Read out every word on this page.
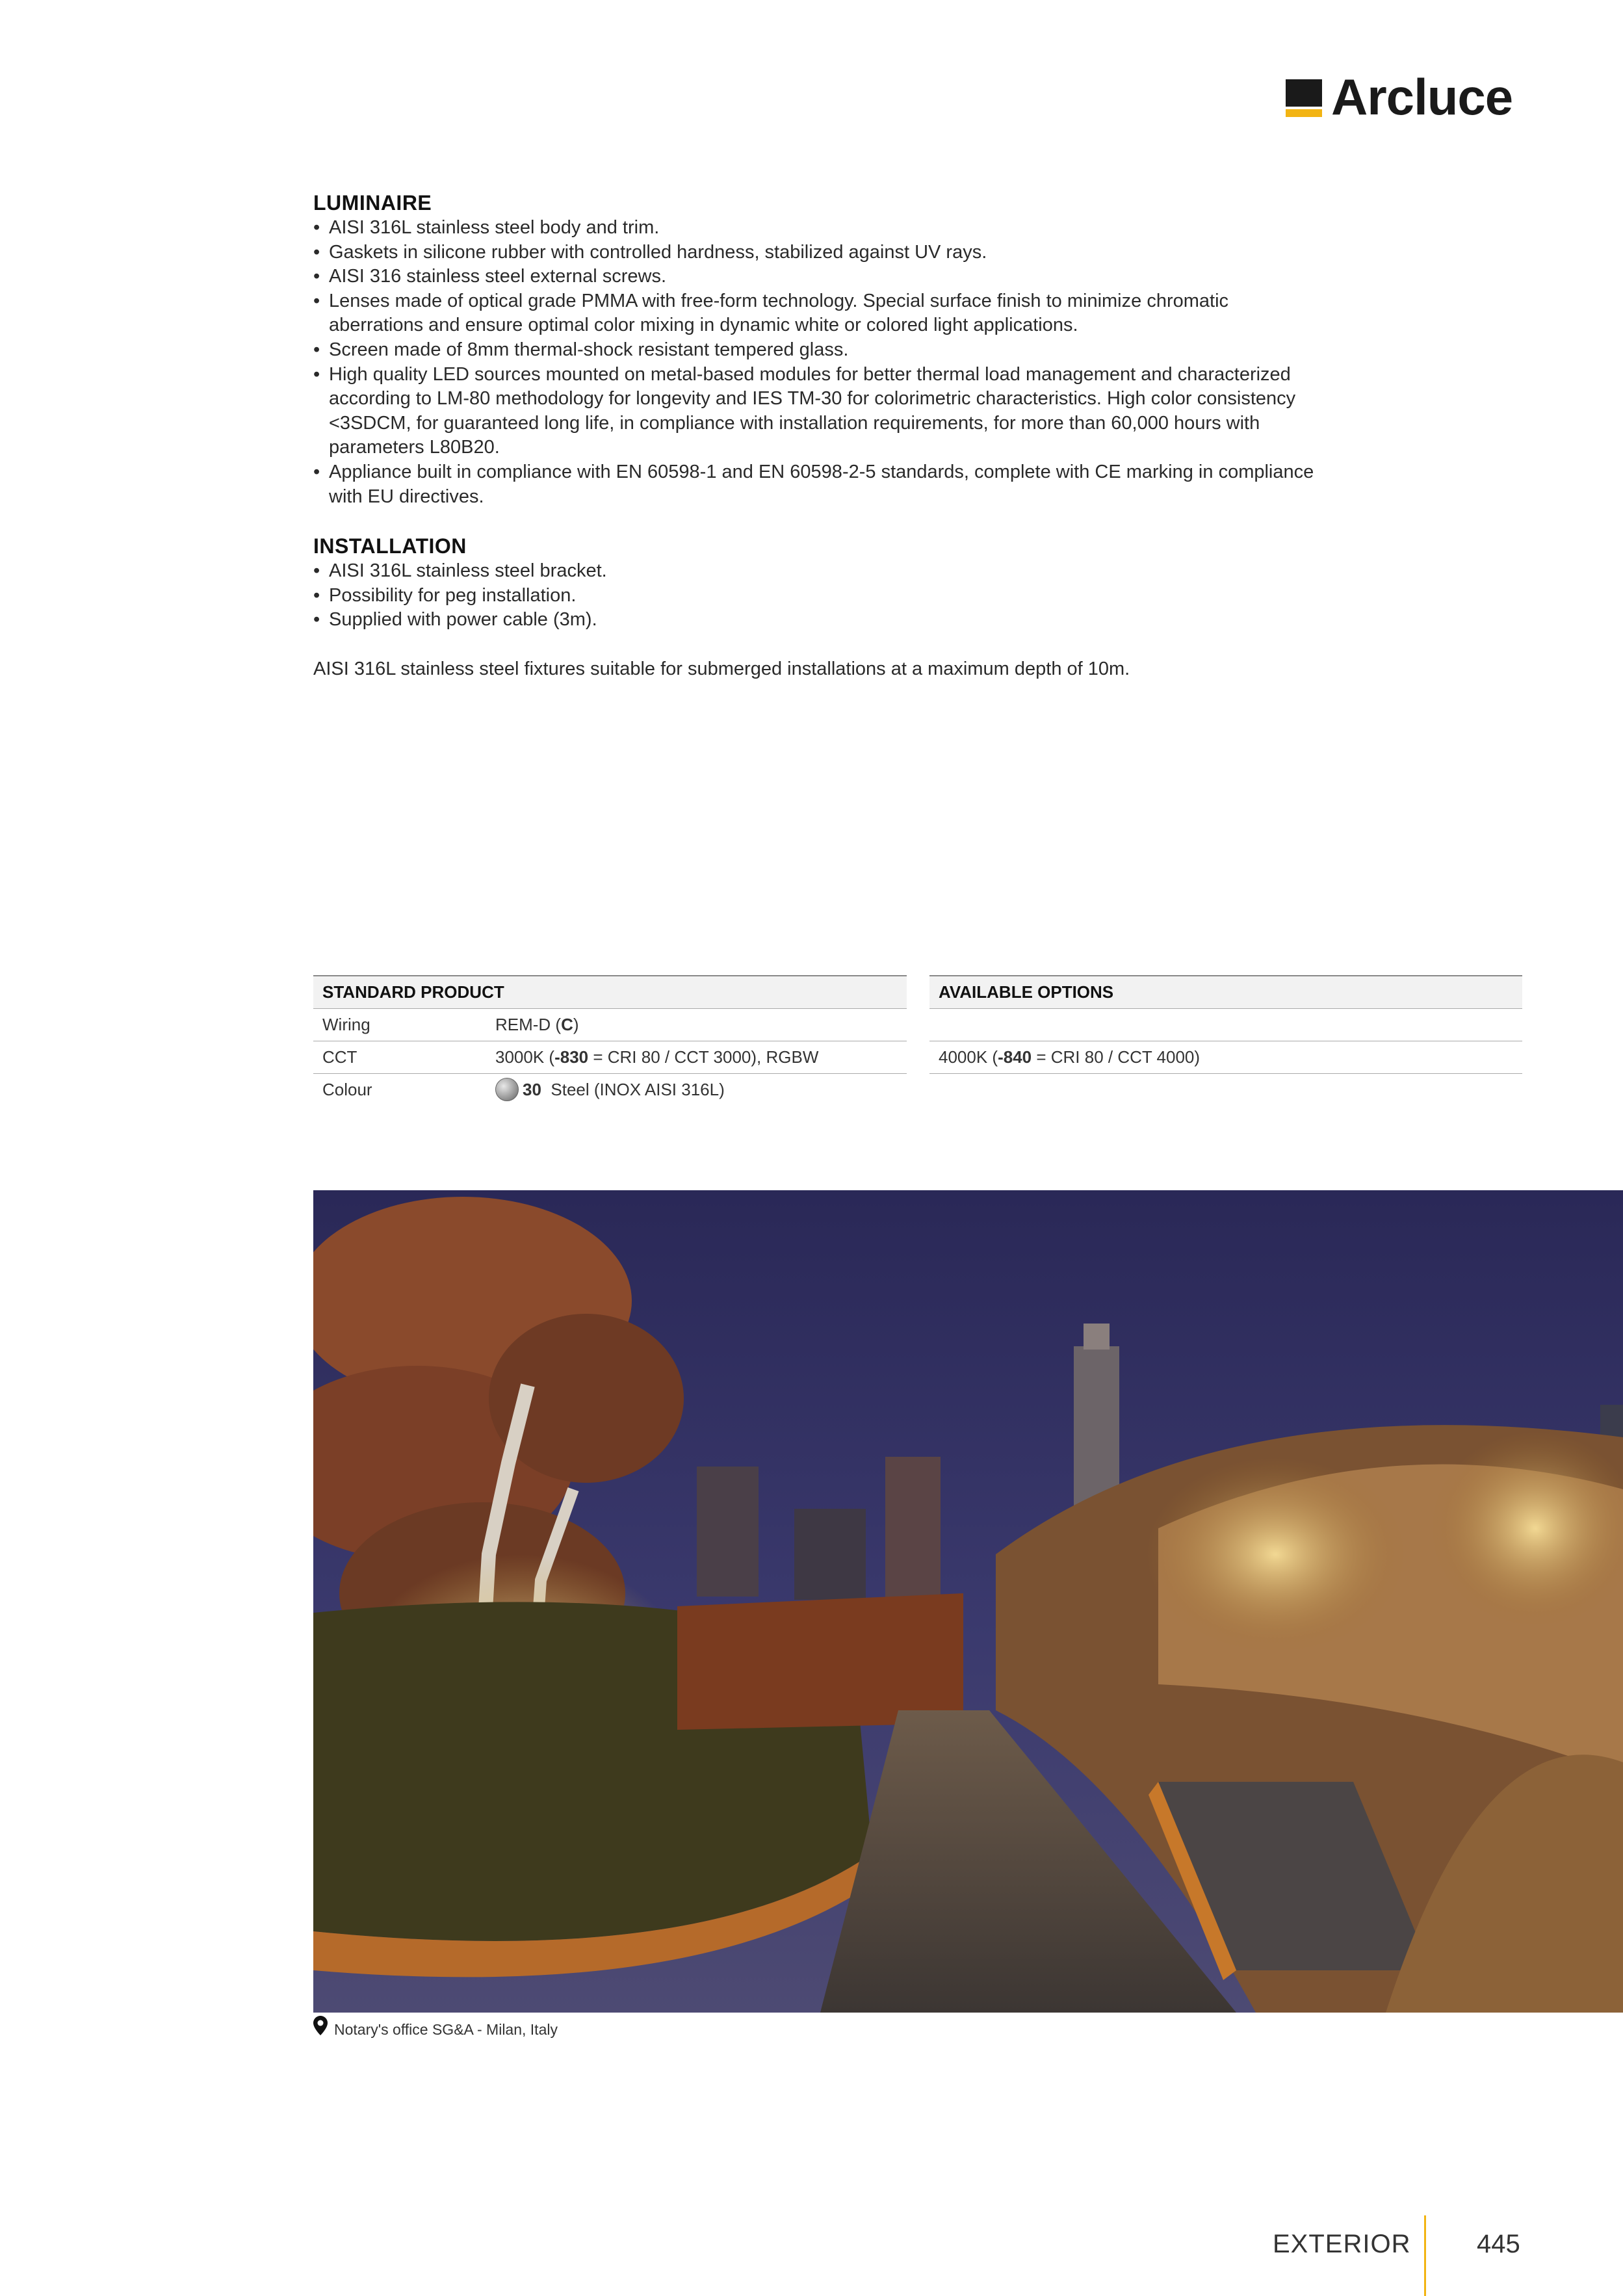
Arcluce
LUMINAIRE
• AISI 316L stainless steel body and trim.
• Gaskets in silicone rubber with controlled hardness, stabilized against UV rays.
• AISI 316 stainless steel external screws.
• Lenses made of optical grade PMMA with free-form technology. Special surface finish to minimize chromatic aberrations and ensure optimal color mixing in dynamic white or colored light applications.
• Screen made of 8mm thermal-shock resistant tempered glass.
• High quality LED sources mounted on metal-based modules for better thermal load management and characterized according to LM-80 methodology for longevity and IES TM-30 for colorimetric characteristics. High color consistency <3SDCM, for guaranteed long life, in compliance with installation requirements, for more than 60,000 hours with parameters L80B20.
• Appliance built in compliance with EN 60598-1 and EN 60598-2-5 standards, complete with CE marking in compliance with EU directives.
INSTALLATION
• AISI 316L stainless steel bracket.
• Possibility for peg installation.
• Supplied with power cable (3m).

AISI 316L stainless steel fixtures suitable for submerged installations at a maximum depth of 10m.

STANDARD PRODUCT
Wiring	REM-D (C)
CCT	3000K (-830 = CRI 80 / CCT 3000), RGBW
Colour	30 Steel (INOX AISI 316L)
AVAILABLE OPTIONS
4000K (-840 = CRI 80 / CCT 4000)
Notary's office SG&A - Milan, Italy
EXTERIOR	445
